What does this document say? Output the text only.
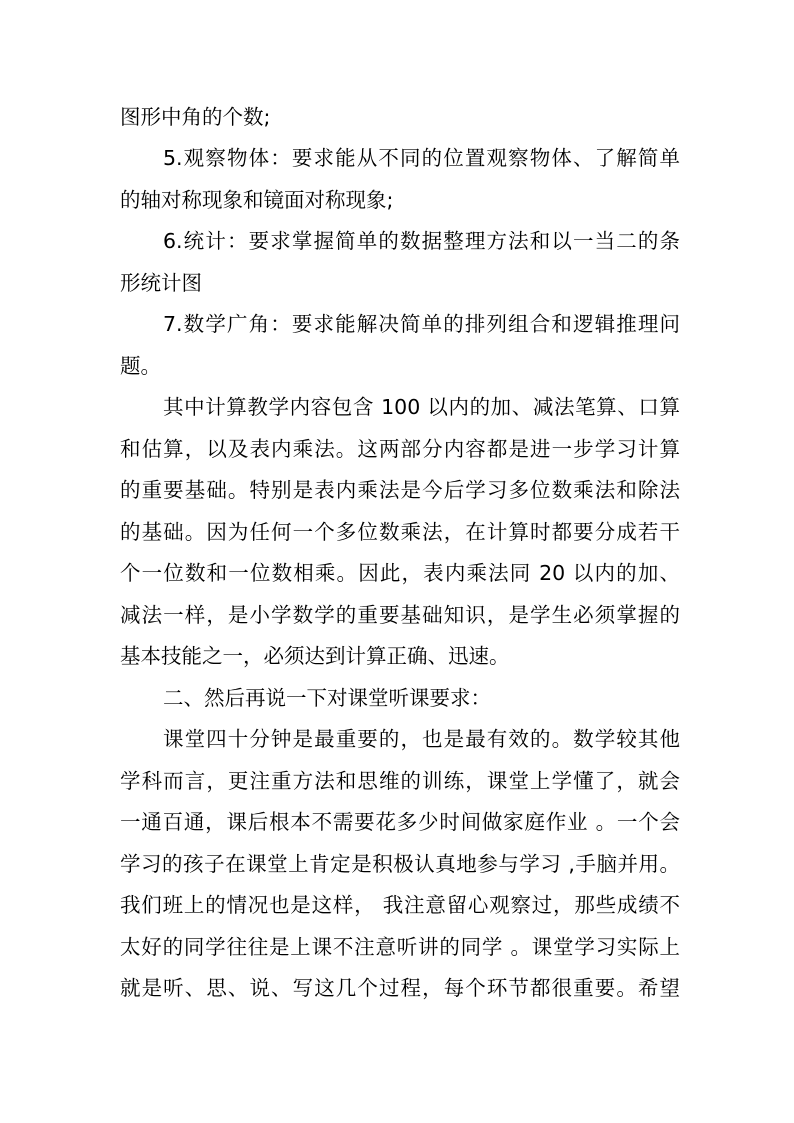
图形中角的个数;
5.观察物体：要求能从不同的位置观察物体、了解简单
的轴对称现象和镜面对称现象;
6.统计：要求掌握简单的数据整理方法和以一当二的条
形统计图
7.数学广角：要求能解决简单的排列组合和逻辑推理问
题。
其中计算教学内容包含 100 以内的加、减法笔算、口算
和估算，以及表内乘法。这两部分内容都是进一步学习计算
的重要基础。特别是表内乘法是今后学习多位数乘法和除法
的基础。因为任何一个多位数乘法，在计算时都要分成若干
个一位数和一位数相乘。因此，表内乘法同 20 以内的加、
减法一样，是小学数学的重要基础知识，是学生必须掌握的
基本技能之一，必须达到计算正确、迅速。
二、然后再说一下对课堂听课要求：
课堂四十分钟是最重要的，也是最有效的。数学较其他
学科而言，更注重方法和思维的训练，课堂上学懂了，就会
一通百通，课后根本不需要花多少时间做家庭作业 。一个会
学习的孩子在课堂上肯定是积极认真地参与学习 ,手脑并用。
我们班上的情况也是这样， 我注意留心观察过，那些成绩不
太好的同学往往是上课不注意听讲的同学 。课堂学习实际上
就是听、思、说、写这几个过程，每个环节都很重要。希望
